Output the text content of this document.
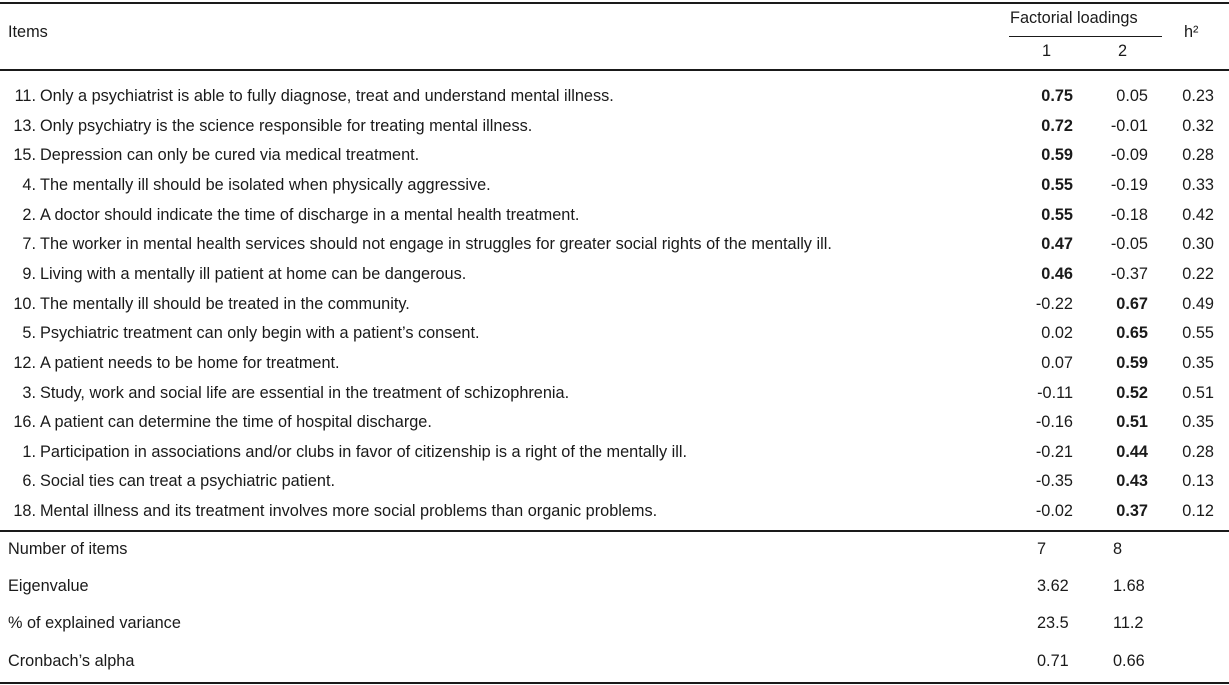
Items
Factorial loadings
1	2
h²
11. Only a psychiatrist is able to fully diagnose, treat and understand mental illness.	0.75	0.05 0.23
13. Only psychiatry is the science responsible for treating mental illness.	0.72 -0.01 0.32
15. Depression can only be cured via medical treatment.	0.59 -0.09 0.28
4. The mentally ill should be isolated when physically aggressive.	0.55 -0.19 0.33
2. A doctor should indicate the time of discharge in a mental health treatment.	0.55 -0.18 0.42
7. The worker in mental health services should not engage in struggles for greater social rights of the mentally ill.	0.47 -0.05 0.30
9. Living with a mentally ill patient at home can be dangerous.	0.46 -0.37 0.22
10. The mentally ill should be treated in the community.	-0.22	0.67 0.49
5. Psychiatric treatment can only begin with a patient’s consent.	0.02	0.65 0.55
12. A patient needs to be home for treatment.	0.07	0.59 0.35
3. Study, work and social life are essential in the treatment of schizophrenia.	-0.11	0.52 0.51
16. A patient can determine the time of hospital discharge.	-0.16	0.51 0.35
1. Participation in associations and/or clubs in favor of citizenship is a right of the mentally ill.	-0.21	0.44 0.28
6. Social ties can treat a psychiatric patient.	-0.35	0.43 0.13
18. Mental illness and its treatment involves more social problems than organic problems.	-0.02	0.37 0.12
Number of items	7	8
Eigenvalue	3.62	1.68
% of explained variance	23.5	11.2
Cronbach’s alpha	0.71	0.66
